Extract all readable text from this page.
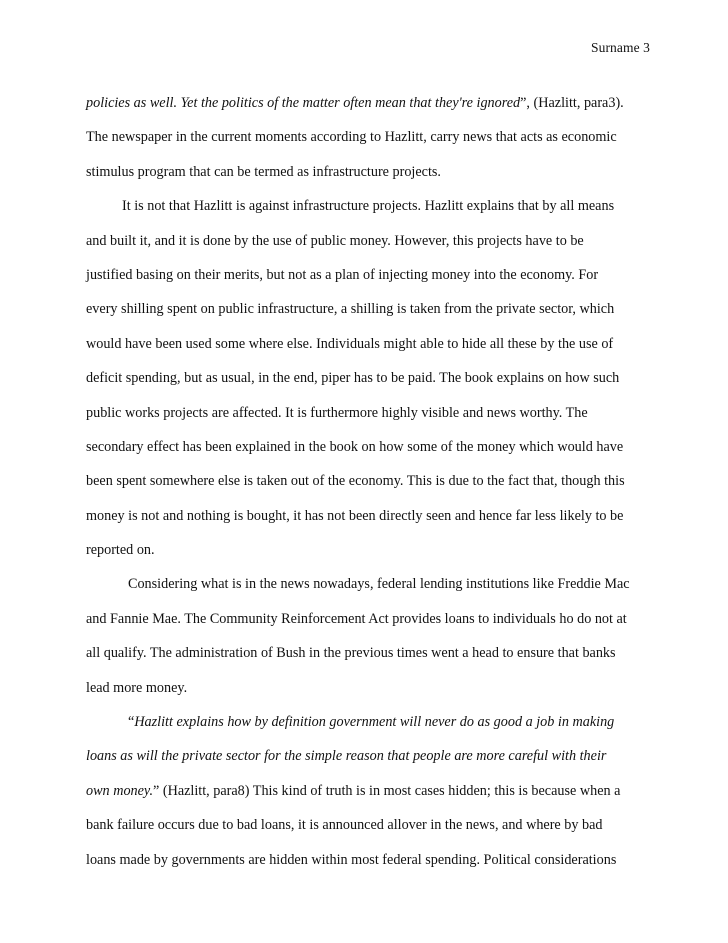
Surname 3
policies as well. Yet the politics of the matter often mean that they're ignored”, (Hazlitt, para3).
The newspaper in the current moments according to Hazlitt, carry news that acts as economic
stimulus program that can be termed as infrastructure projects.
It is not that Hazlitt is against infrastructure projects. Hazlitt explains that by all means
and built it, and it is done by the use of public money. However, this projects have to be
justified basing on their merits, but not as a plan of injecting money into the economy. For
every shilling spent on public infrastructure, a shilling is taken from the private sector, which
would have been used some where else. Individuals might able to hide all these by the use of
deficit spending, but as usual, in the end, piper has to be paid. The book explains on how such
public works projects are affected. It is furthermore highly visible and news worthy. The
secondary effect has been explained in the book on how some of the money which would have
been spent somewhere else is taken out of the economy. This is due to the fact that, though this
money is not and nothing is bought, it has not been directly seen and hence far less likely to be
reported on.
Considering what is in the news nowadays, federal lending institutions like Freddie Mac
and Fannie Mae. The Community Reinforcement Act provides loans to individuals ho do not at
all qualify. The administration of Bush in the previous times went a head to ensure that banks
lead more money.
“Hazlitt explains how by definition government will never do as good a job in making
loans as will the private sector for the simple reason that people are more careful with their
own money.” (Hazlitt, para8) This kind of truth is in most cases hidden; this is because when a
bank failure occurs due to bad loans, it is announced allover in the news, and where by bad
loans made by governments are hidden within most federal spending. Political considerations
